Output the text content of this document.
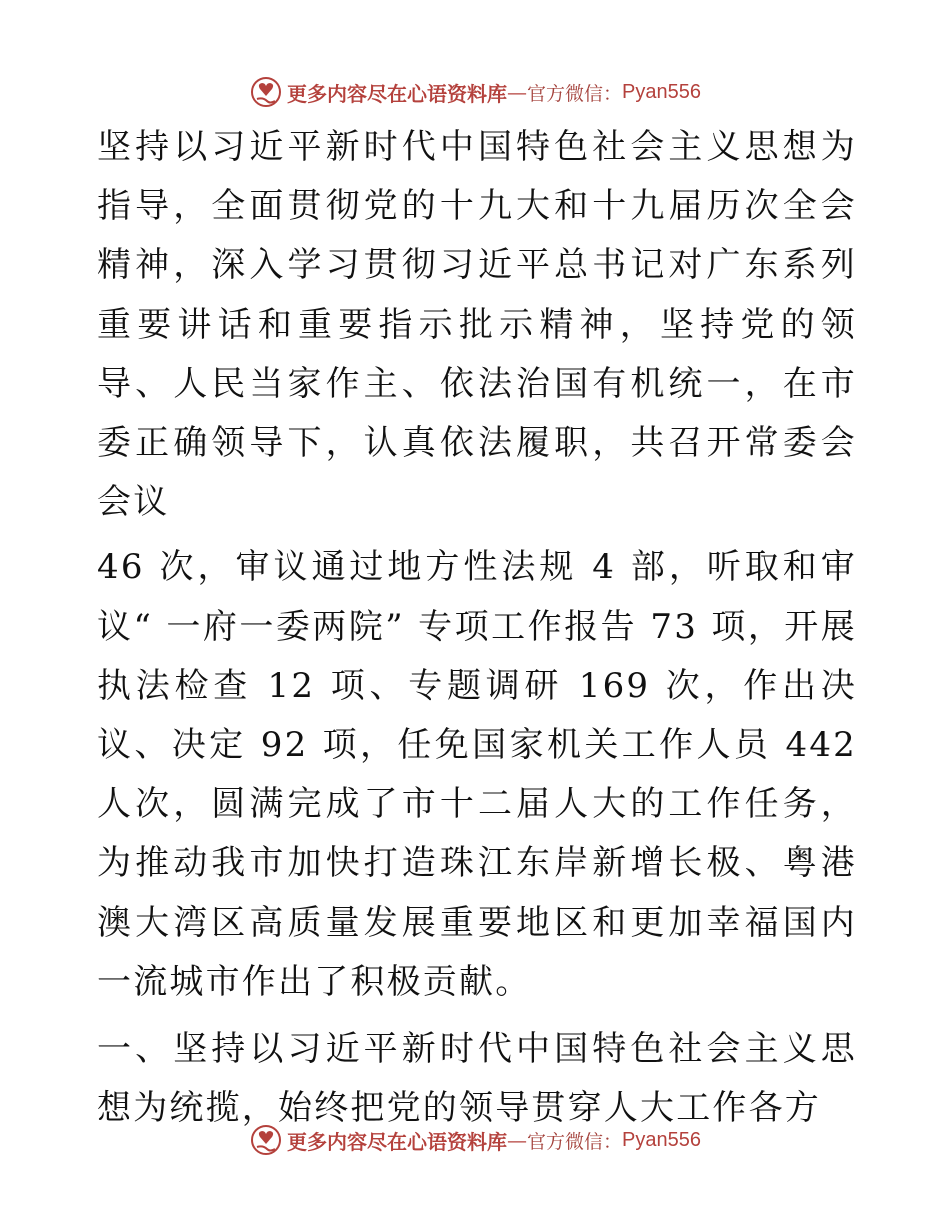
更多内容尽在心语资料库 — 官方微信： Pyan556

坚持以习近平新时代中国特色社会主义思想为指导，全面贯彻党的十九大和十九届历次全会精神，深入学习贯彻习近平总书记对广东系列重要讲话和重要指示批示精神，坚持党的领导、人民当家作主、依法治国有机统一，在市委正确领导下，认真依法履职，共召开常委会会议

46 次，审议通过地方性法规 4 部，听取和审议“ 一府一委两院” 专项工作报告 73 项，开展执法检查 12 项、专题调研 169 次，作出决议、决定 92 项，任免国家机关工作人员 442 人次，圆满完成了市十二届人大的工作任务，为推动我市加快打造珠江东岸新增长极、粤港澳大湾区高质量发展重要地区和更加幸福国内一流城市作出了积极贡献。

一、坚持以习近平新时代中国特色社会主义思想为统揽，始终把党的领导贯穿人大工作各方

更多内容尽在心语资料库 — 官方微信： Pyan556
